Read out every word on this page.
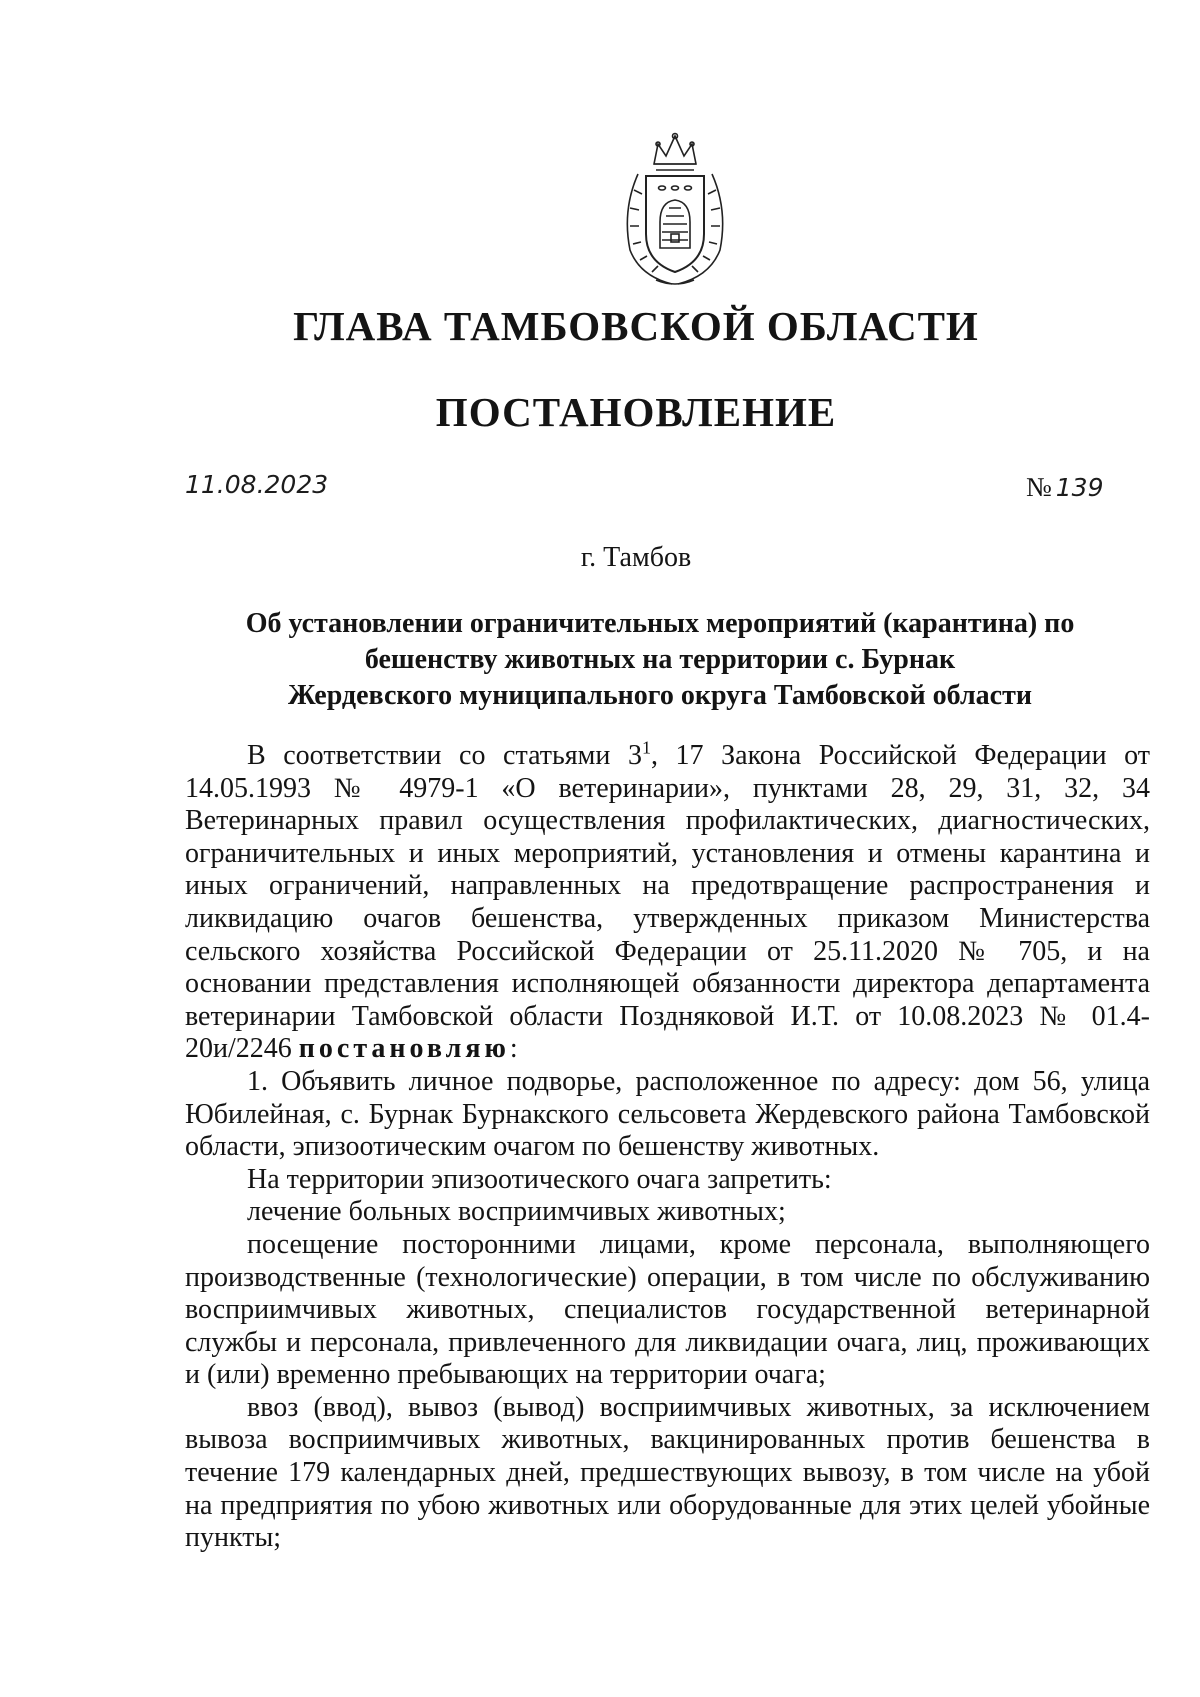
ГЛАВА ТАМБОВСКОЙ ОБЛАСТИ
ПОСТАНОВЛЕНИЕ
11.08.2023	№ 139
г. Тамбов
Об установлении ограничительных мероприятий (карантина) по
бешенству животных на территории с. Бурнак
Жердевского муниципального округа Тамбовской области

В соответствии со статьями $3^1$, 17 Закона Российской Федерации от 14.05.1993 № 4979-1 «О ветеринарии», пунктами 28, 29, 31, 32, 34 Ветеринарных правил осуществления профилактических, диагностических, ограничительных и иных мероприятий, установления и отмены карантина и иных ограничений, направленных на предотвращение распространения и ликвидацию очагов бешенства, утвержденных приказом Министерства сельского хозяйства Российской Федерации от 25.11.2020 № 705, и на основании представления исполняющей обязанности директора департамента ветеринарии Тамбовской области Поздняковой И.Т. от 10.08.2023 № 01.4-20и/2246 постановляю:

1. Объявить личное подворье, расположенное по адресу: дом 56, улица Юбилейная, с. Бурнак Бурнакского сельсовета Жердевского района Тамбовской области, эпизоотическим очагом по бешенству животных.

На территории эпизоотического очага запретить:

лечение больных восприимчивых животных;

посещение посторонними лицами, кроме персонала, выполняющего производственные (технологические) операции, в том числе по обслуживанию восприимчивых животных, специалистов государственной ветеринарной службы и персонала, привлеченного для ликвидации очага, лиц, проживающих и (или) временно пребывающих на территории очага;

ввоз (ввод), вывоз (вывод) восприимчивых животных, за исключением вывоза восприимчивых животных, вакцинированных против бешенства в течение 179 календарных дней, предшествующих вывозу, в том числе на убой на предприятия по убою животных или оборудованные для этих целей убойные пункты;
